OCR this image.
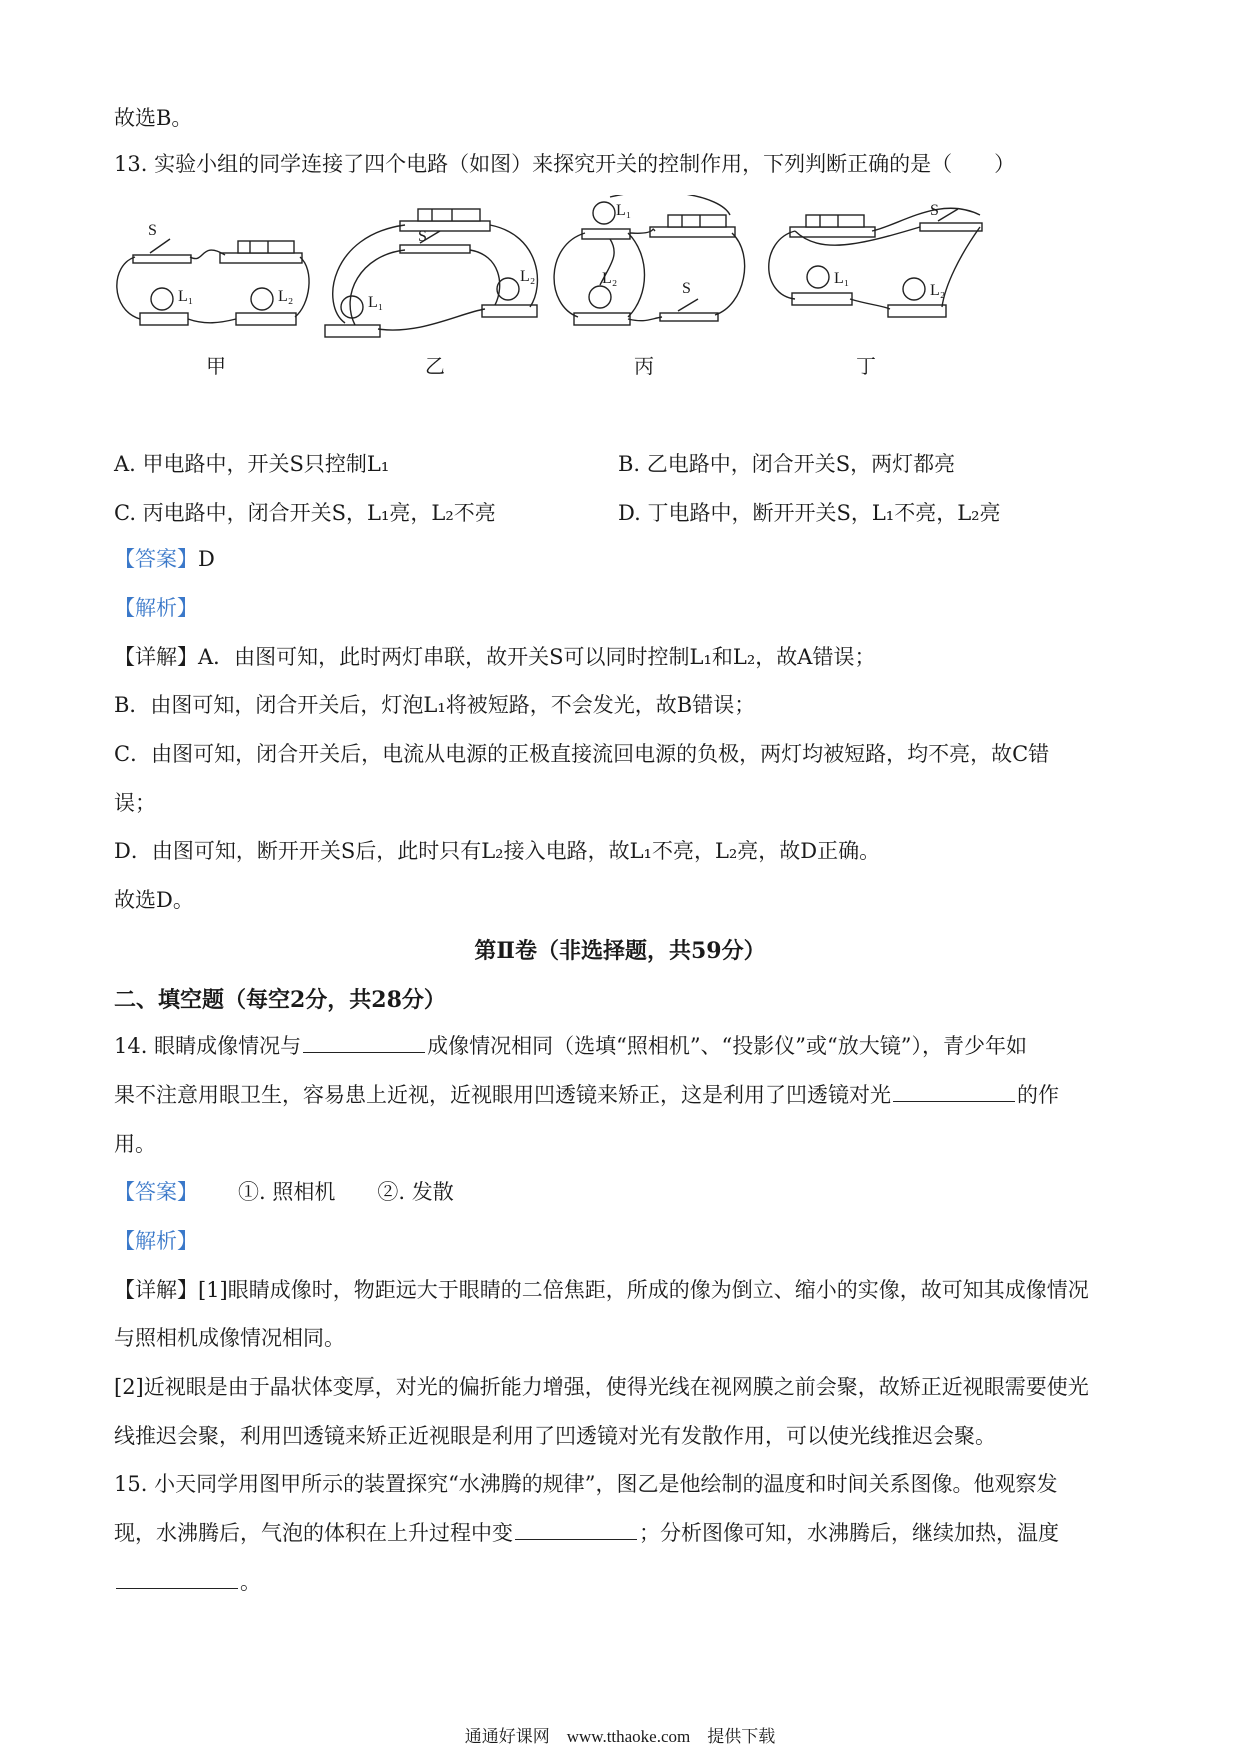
故选B。
13. 实验小组的同学连接了四个电路（如图）来探究开关的控制作用，下列判断正确的是（　　）
S
L₁	L₂
S
L₁
L₂
L₁
L₂
S
S
L₁
L₂
甲	乙	丙	丁
A. 甲电路中，开关S只控制L₁	B. 乙电路中，闭合开关S，两灯都亮
C. 丙电路中，闭合开关S，L₁亮，L₂不亮	D. 丁电路中，断开开关S，L₁不亮，L₂亮
【答案】D
【解析】
【详解】A．由图可知，此时两灯串联，故开关S可以同时控制L₁和L₂，故A错误；
B．由图可知，闭合开关后，灯泡L₁将被短路，不会发光，故B错误；
C．由图可知，闭合开关后，电流从电源的正极直接流回电源的负极，两灯均被短路，均不亮，故C错
误；
D．由图可知，断开开关S后，此时只有L₂接入电路，故L₁不亮，L₂亮，故D正确。
故选D。
第Ⅱ卷（非选择题，共59分）
二、填空题（每空2分，共28分）
14. 眼睛成像情况与	成像情况相同（选填“照相机”、“投影仪”或“放大镜”），青少年如
果不注意用眼卫生，容易患上近视，近视眼用凹透镜来矫正，这是利用了凹透镜对光	的作
用。
【答案】 ①. 照相机　　②. 发散
【解析】
【详解】[1]眼睛成像时，物距远大于眼睛的二倍焦距，所成的像为倒立、缩小的实像，故可知其成像情况
与照相机成像情况相同。
[2]近视眼是由于晶状体变厚，对光的偏折能力增强，使得光线在视网膜之前会聚，故矫正近视眼需要使光
线推迟会聚，利用凹透镜来矫正近视眼是利用了凹透镜对光有发散作用，可以使光线推迟会聚。
15. 小天同学用图甲所示的装置探究“水沸腾的规律”，图乙是他绘制的温度和时间关系图像。他观察发
现，水沸腾后，气泡的体积在上升过程中变	；分析图像可知，水沸腾后，继续加热，温度
。
通通好课网　www.tthaoke.com　提供下载
